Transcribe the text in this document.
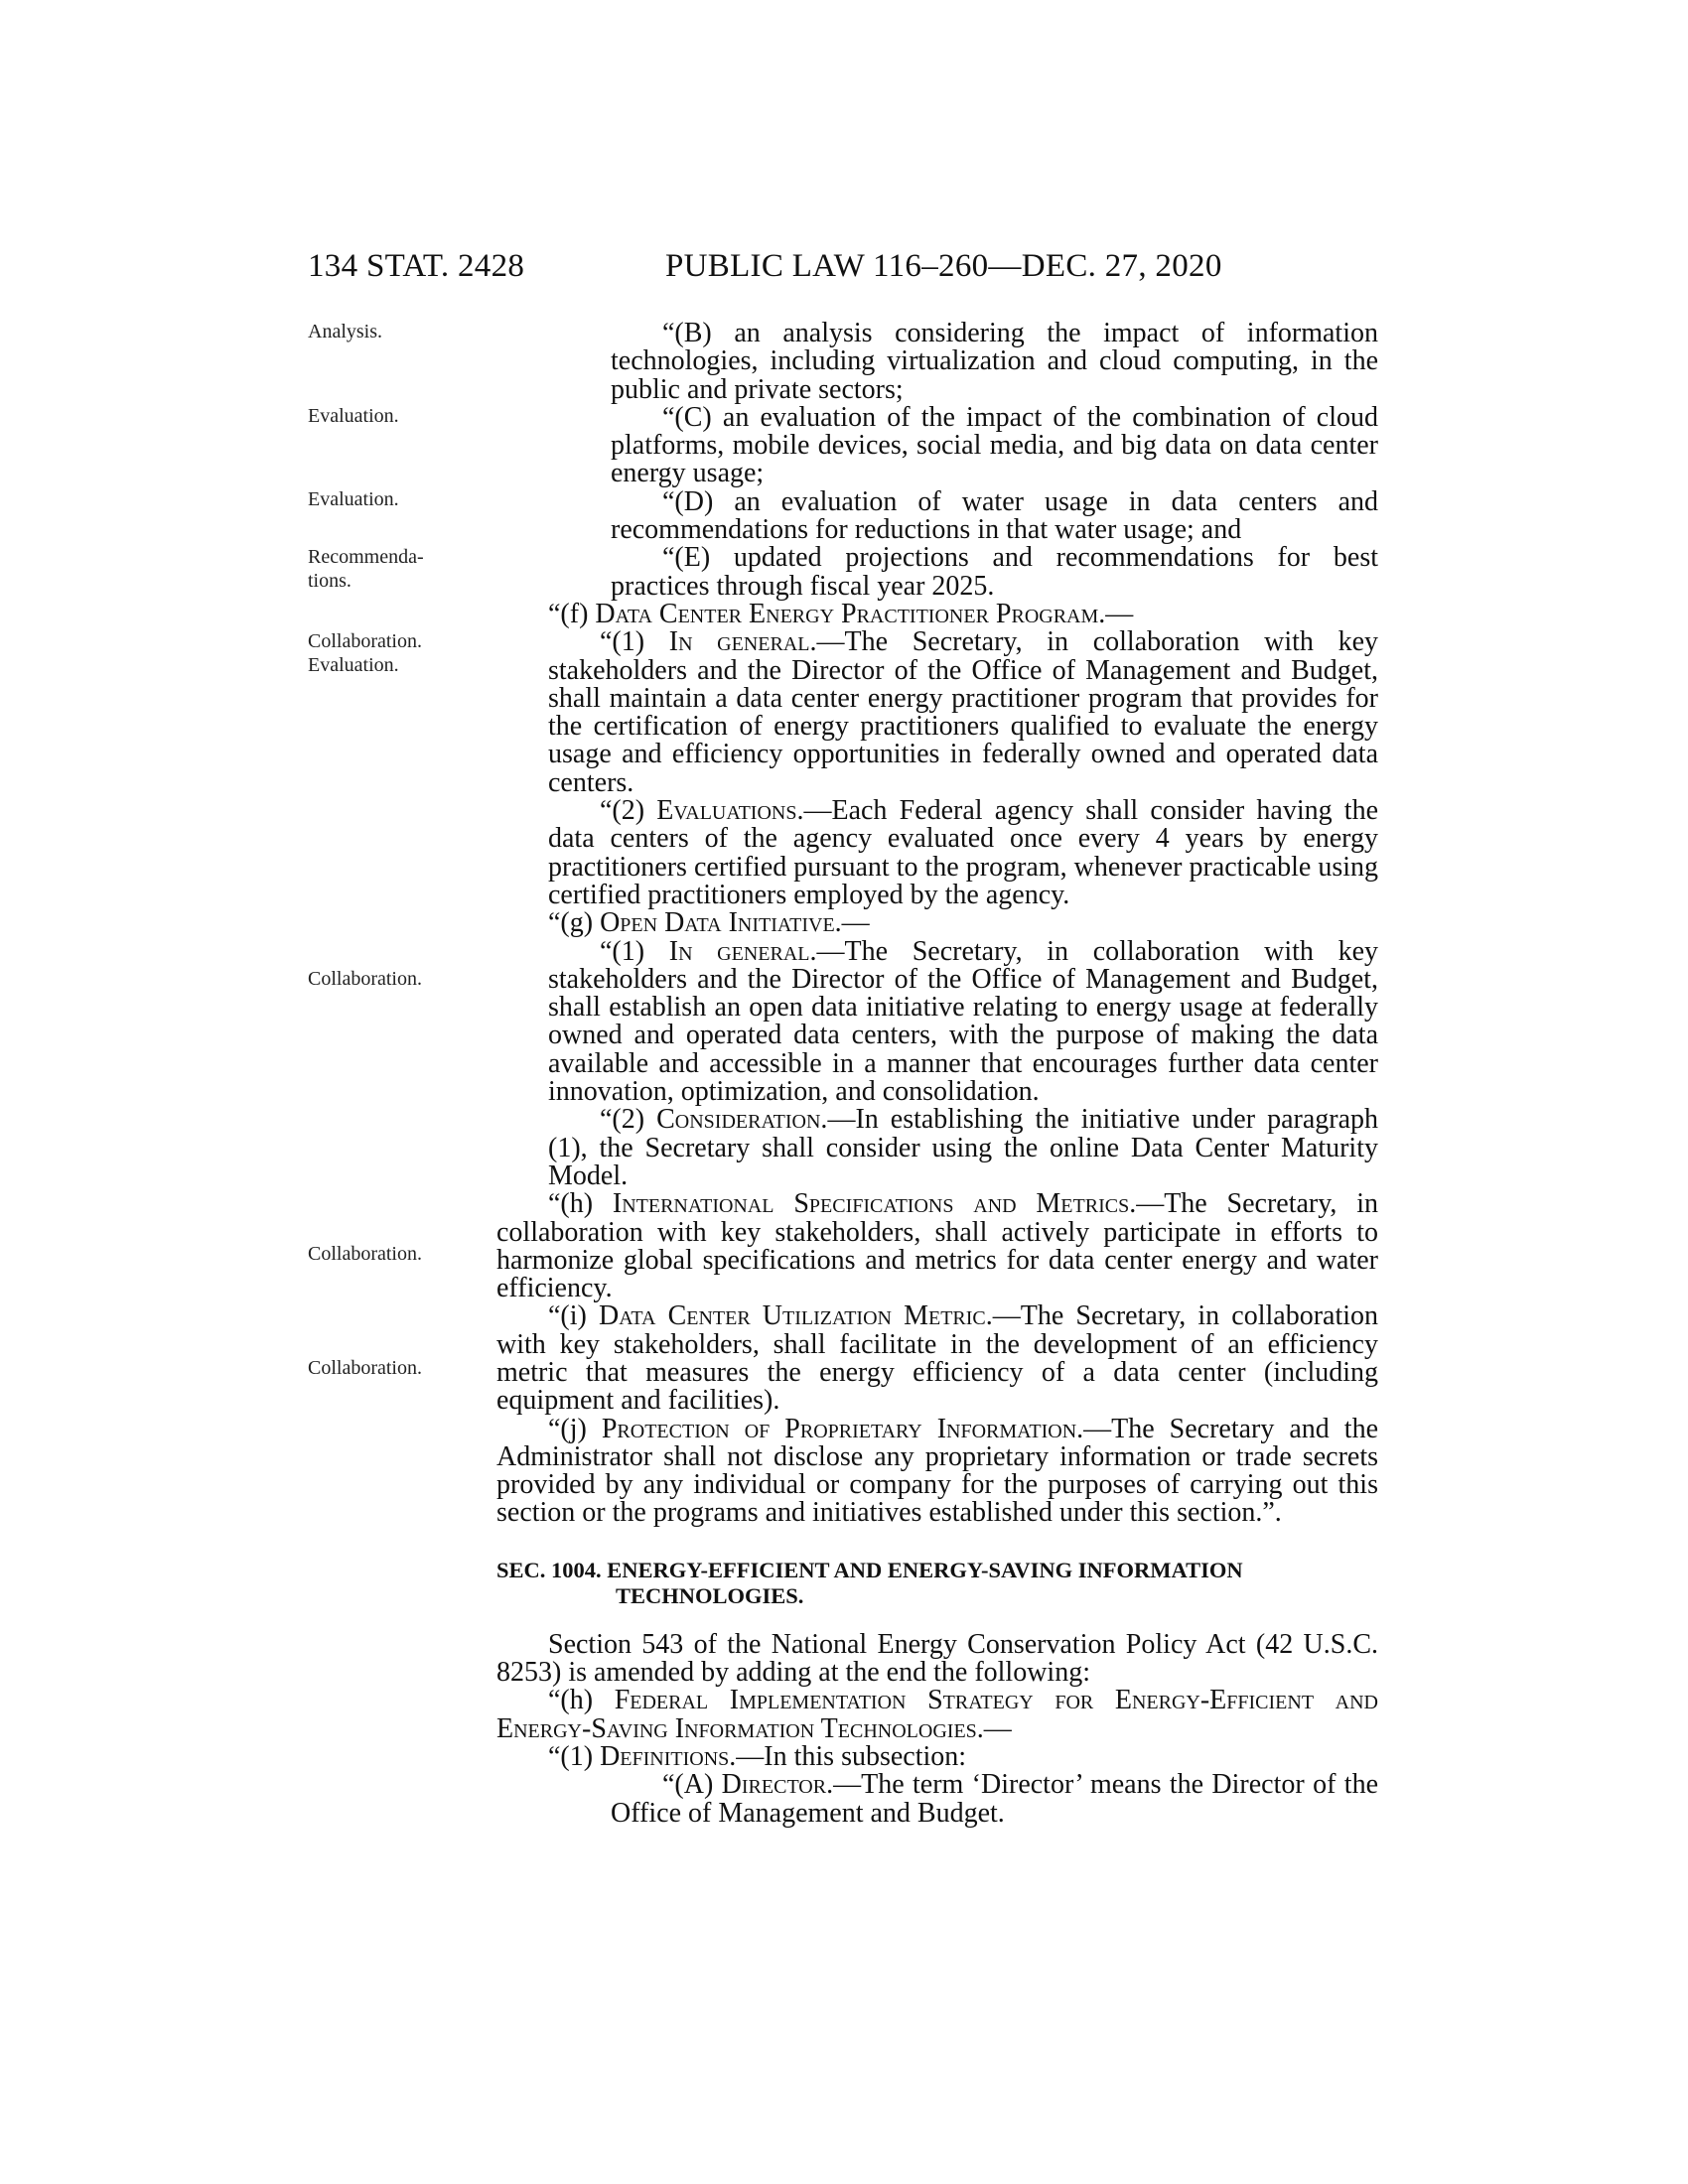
134 STAT. 2428	PUBLIC LAW 116–260—DEC. 27, 2020
Analysis.
Evaluation.
Evaluation.
Recommenda-
tions.
Collaboration.
Evaluation.
Collaboration.
Collaboration.
Collaboration.

“(B) an analysis considering the impact of information technologies, including virtualization and cloud computing, in the public and private sectors;

“(C) an evaluation of the impact of the combination of cloud platforms, mobile devices, social media, and big data on data center energy usage;

“(D) an evaluation of water usage in data centers and recommendations for reductions in that water usage; and

“(E) updated projections and recommendations for best practices through fiscal year 2025.

“(f) Data Center Energy Practitioner Program.—

“(1) In general.—The Secretary, in collaboration with key stakeholders and the Director of the Office of Management and Budget, shall maintain a data center energy practitioner program that provides for the certification of energy practitioners qualified to evaluate the energy usage and efficiency opportunities in federally owned and operated data centers.

“(2) Evaluations.—Each Federal agency shall consider having the data centers of the agency evaluated once every 4 years by energy practitioners certified pursuant to the program, whenever practicable using certified practitioners employed by the agency.

“(g) Open Data Initiative.—

“(1) In general.—The Secretary, in collaboration with key stakeholders and the Director of the Office of Management and Budget, shall establish an open data initiative relating to energy usage at federally owned and operated data centers, with the purpose of making the data available and accessible in a manner that encourages further data center innovation, optimization, and consolidation.

“(2) Consideration.—In establishing the initiative under paragraph (1), the Secretary shall consider using the online Data Center Maturity Model.

“(h) International Specifications and Metrics.—The Secretary, in collaboration with key stakeholders, shall actively participate in efforts to harmonize global specifications and metrics for data center energy and water efficiency.

“(i) Data Center Utilization Metric.—The Secretary, in collaboration with key stakeholders, shall facilitate in the development of an efficiency metric that measures the energy efficiency of a data center (including equipment and facilities).

“(j) Protection of Proprietary Information.—The Secretary and the Administrator shall not disclose any proprietary information or trade secrets provided by any individual or company for the purposes of carrying out this section or the programs and initiatives established under this section.”.

SEC. 1004. ENERGY-EFFICIENT AND ENERGY-SAVING INFORMATION
TECHNOLOGIES.

Section 543 of the National Energy Conservation Policy Act (42 U.S.C. 8253) is amended by adding at the end the following:

“(h) Federal Implementation Strategy for Energy-Efficient and Energy-Saving Information Technologies.—

“(1) Definitions.—In this subsection:

“(A) Director.—The term ‘Director’ means the Director of the Office of Management and Budget.
